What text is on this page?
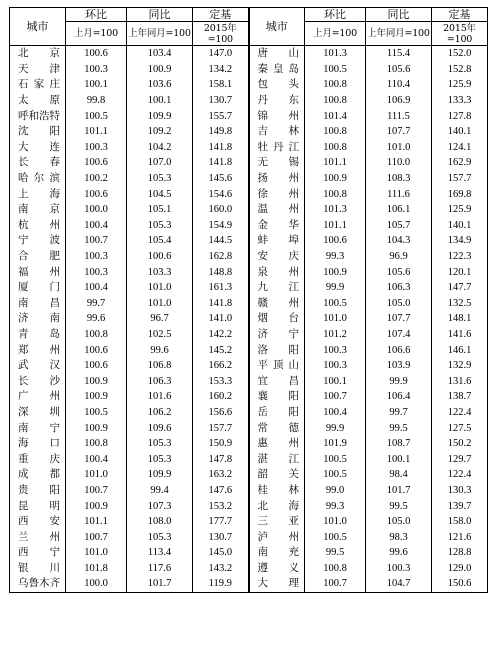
城市	环比	同比	定基	城市	环比	同比	定基

	上月=100	上年同月=100	2015年=100		上月=100	上年同月=100	2015年=100

北京	100.6	103.4	147.0	唐山	101.3	115.4	152.0
天津	100.3	100.9	134.2	秦皇岛	100.5	105.6	152.8
石家庄	100.1	103.6	158.1	包头	100.8	110.4	125.9
太原	99.8	100.1	130.7	丹东	100.8	106.9	133.3
呼和浩特	100.5	109.9	155.7	锦州	101.4	111.5	127.8
沈阳	101.1	109.2	149.8	吉林	100.8	107.7	140.1
大连	100.3	104.2	141.8	牡丹江	100.8	101.0	124.1
长春	100.6	107.0	141.8	无锡	101.1	110.0	162.9
哈尔滨	100.2	105.3	145.6	扬州	100.9	108.3	157.7
上海	100.6	104.5	154.6	徐州	100.8	111.6	169.8
南京	100.0	105.1	160.0	温州	101.3	106.1	125.9
杭州	100.4	105.3	154.9	金华	101.1	105.7	140.1
宁波	100.7	105.4	144.5	蚌埠	100.6	104.3	134.9
合肥	100.3	100.6	162.8	安庆	99.3	96.9	122.3
福州	100.3	103.3	148.8	泉州	100.9	105.6	120.1
厦门	100.4	101.0	161.3	九江	99.9	106.3	147.7
南昌	99.7	101.0	141.8	赣州	100.5	105.0	132.5
济南	99.6	96.7	141.0	烟台	101.0	107.7	148.1
青岛	100.8	102.5	142.2	济宁	101.2	107.4	141.6
郑州	100.6	99.6	145.2	洛阳	100.3	106.6	146.1
武汉	100.6	106.8	166.2	平顶山	100.3	103.9	132.9
长沙	100.9	106.3	153.3	宜昌	100.1	99.9	131.6
广州	100.9	101.6	160.2	襄阳	100.7	106.4	138.7
深圳	100.5	106.2	156.6	岳阳	100.4	99.7	122.4
南宁	100.9	109.6	157.7	常德	99.9	99.5	127.5
海口	100.8	105.3	150.9	惠州	101.9	108.7	150.2
重庆	100.4	105.3	147.8	湛江	100.5	100.1	129.7
成都	101.0	109.9	163.2	韶关	100.5	98.4	122.4
贵阳	100.7	99.4	147.6	桂林	99.0	101.7	130.3
昆明	100.9	107.3	153.2	北海	99.3	99.5	139.7
西安	101.1	108.0	177.7	三亚	101.0	105.0	158.0
兰州	100.7	105.3	130.7	泸州	100.5	98.3	121.6
西宁	101.0	113.4	145.0	南充	99.5	99.6	128.8
银川	101.8	117.6	143.2	遵义	100.8	100.3	129.0
乌鲁木齐	100.0	101.7	119.9	大理	100.7	104.7	150.6
